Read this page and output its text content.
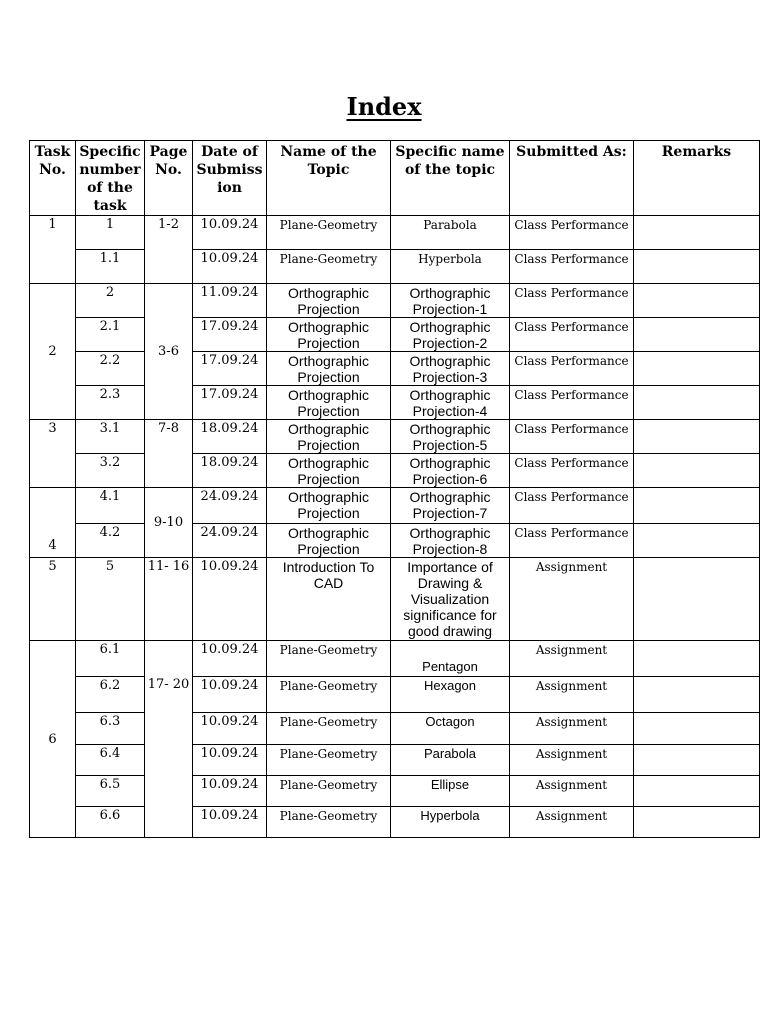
Index
Task No.	Specific number of the task	Page No.	Date of Submiss ion	Name of the Topic	Specific name of the topic	Submitted As:	Remarks
1	1	1-2	10.09.24	Plane-Geometry	Parabola	Class Performance	
	1.1		10.09.24	Plane-Geometry	Hyperbola	Class Performance	
2	2	3-6	11.09.24	Orthographic Projection	Orthographic Projection-1	Class Performance	
	2.1		17.09.24	Orthographic Projection	Orthographic Projection-2	Class Performance	
	2.2		17.09.24	Orthographic Projection	Orthographic Projection-3	Class Performance	
	2.3		17.09.24	Orthographic Projection	Orthographic Projection-4	Class Performance	
3	3.1	7-8	18.09.24	Orthographic Projection	Orthographic Projection-5	Class Performance	
	3.2		18.09.24	Orthographic Projection	Orthographic Projection-6	Class Performance	
4	4.1	9-10	24.09.24	Orthographic Projection	Orthographic Projection-7	Class Performance	
	4.2		24.09.24	Orthographic Projection	Orthographic Projection-8	Class Performance	
5	5	11- 16	10.09.24	Introduction To CAD	Importance of Drawing & Visualization significance for good drawing	Assignment	
6	6.1	17- 20	10.09.24	Plane-Geometry	Pentagon	Assignment	
	6.2		10.09.24	Plane-Geometry	Hexagon	Assignment	
	6.3		10.09.24	Plane-Geometry	Octagon	Assignment	
	6.4		10.09.24	Plane-Geometry	Parabola	Assignment	
	6.5		10.09.24	Plane-Geometry	Ellipse	Assignment	
	6.6		10.09.24	Plane-Geometry	Hyperbola	Assignment	
